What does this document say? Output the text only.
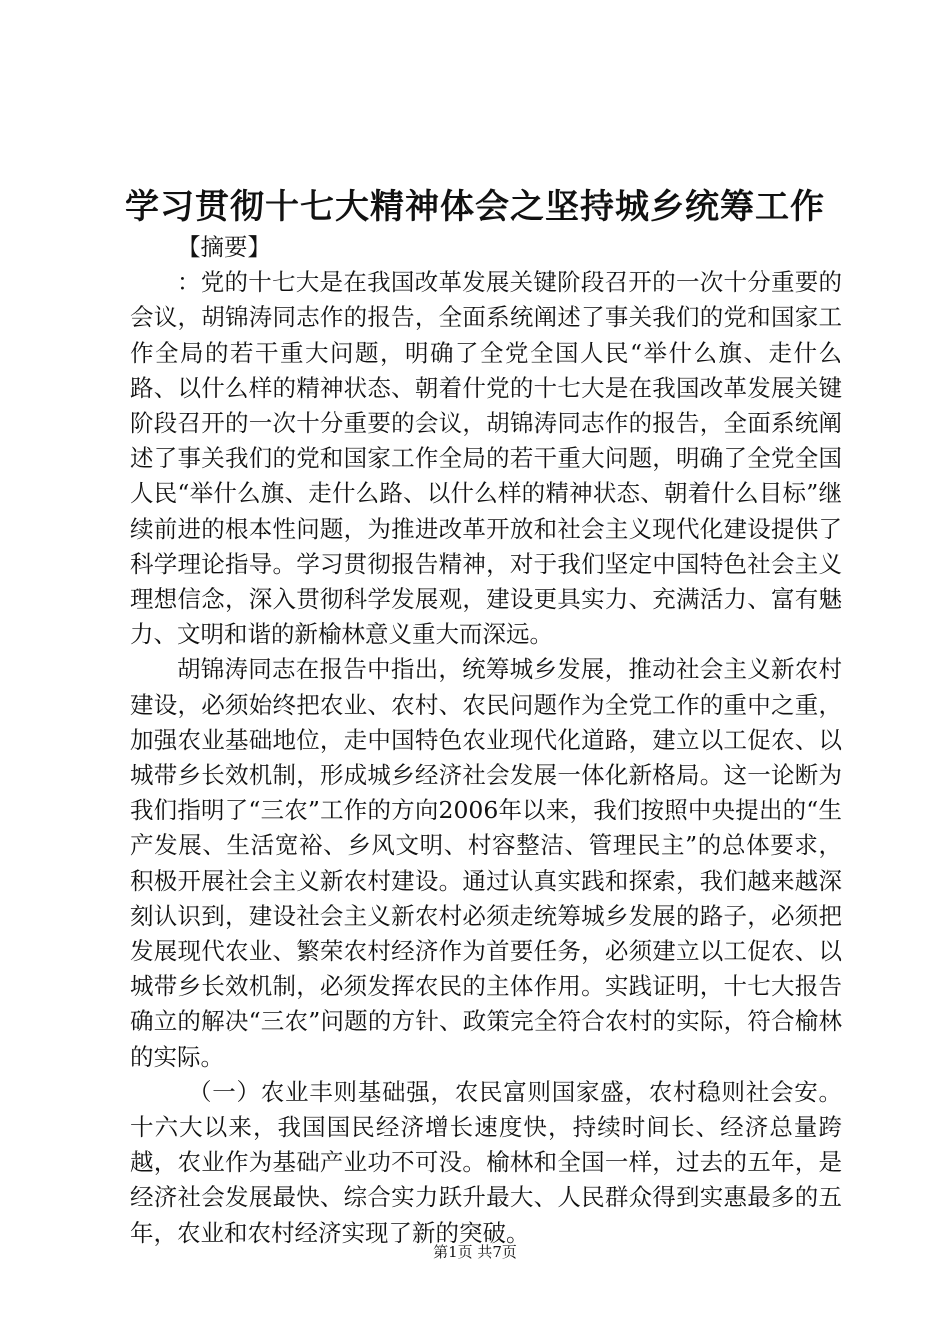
学习贯彻十七大精神体会之坚持城乡统筹工作

【摘要】

：党的十七大是在我国改革发展关键阶段召开的一次十分重要的会议，胡锦涛同志作的报告，全面系统阐述了事关我们的党和国家工作全局的若干重大问题，明确了全党全国人民“举什么旗、走什么路、以什么样的精神状态、朝着什党的十七大是在我国改革发展关键阶段召开的一次十分重要的会议，胡锦涛同志作的报告，全面系统阐述了事关我们的党和国家工作全局的若干重大问题，明确了全党全国人民“举什么旗、走什么路、以什么样的精神状态、朝着什么目标”继续前进的根本性问题，为推进改革开放和社会主义现代化建设提供了科学理论指导。学习贯彻报告精神，对于我们坚定中国特色社会主义理想信念，深入贯彻科学发展观，建设更具实力、充满活力、富有魅力、文明和谐的新榆林意义重大而深远。

胡锦涛同志在报告中指出，统筹城乡发展，推动社会主义新农村建设，必须始终把农业、农村、农民问题作为全党工作的重中之重，加强农业基础地位，走中国特色农业现代化道路，建立以工促农、以城带乡长效机制，形成城乡经济社会发展一体化新格局。这一论断为我们指明了“三农”工作的方向2006年以来，我们按照中央提出的“生产发展、生活宽裕、乡风文明、村容整洁、管理民主”的总体要求，积极开展社会主义新农村建设。通过认真实践和探索，我们越来越深刻认识到，建设社会主义新农村必须走统筹城乡发展的路子，必须把发展现代农业、繁荣农村经济作为首要任务，必须建立以工促农、以城带乡长效机制，必须发挥农民的主体作用。实践证明，十七大报告确立的解决“三农”问题的方针、政策完全符合农村的实际，符合榆林的实际。

（一）农业丰则基础强，农民富则国家盛，农村稳则社会安。十六大以来，我国国民经济增长速度快，持续时间长、经济总量跨越，农业作为基础产业功不可没。榆林和全国一样，过去的五年，是经济社会发展最快、综合实力跃升最大、人民群众得到实惠最多的五年，农业和农村经济实现了新的突破。

第1页 共7页
